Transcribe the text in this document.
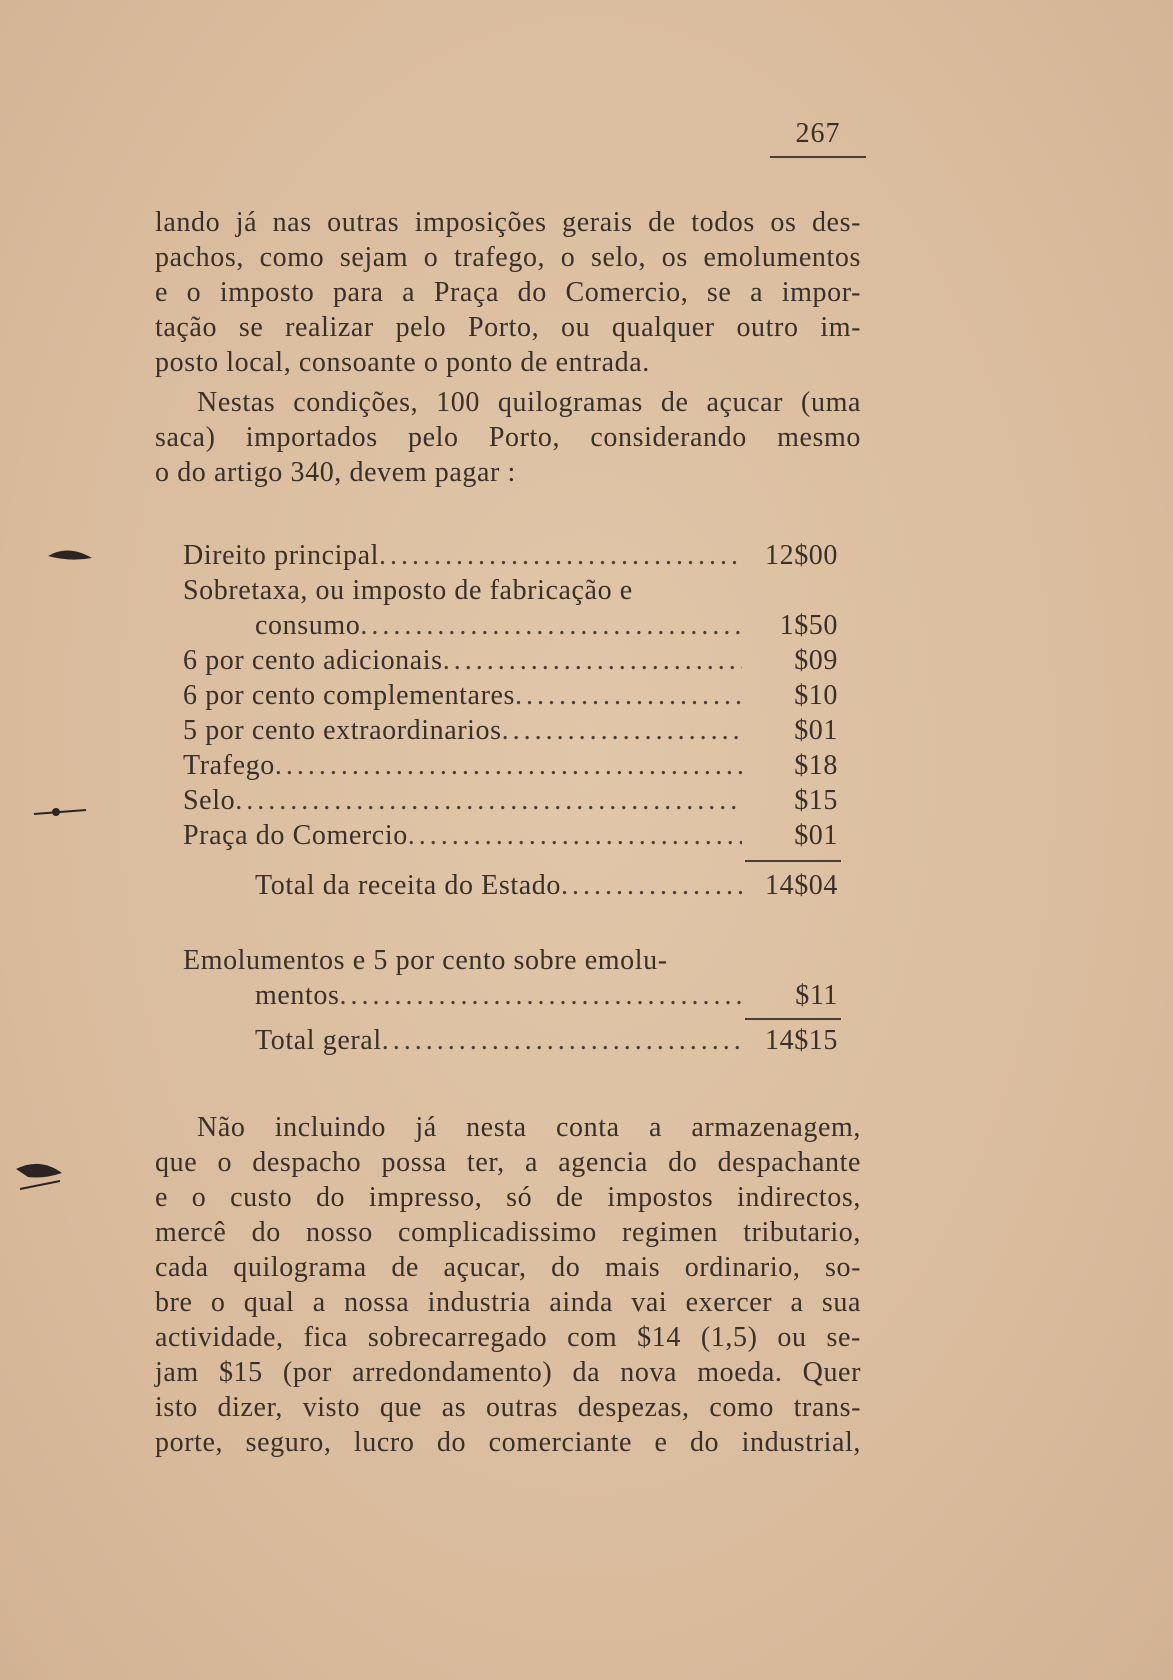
267
lando já nas outras imposições gerais de todos os des-
pachos, como sejam o trafego, o selo, os emolumentos
e o imposto para a Praça do Comercio, se a impor-
tação se realizar pelo Porto, ou qualquer outro im-
posto local, consoante o ponto de entrada.
Nestas condições, 100 quilogramas de açucar (uma
saca) importados pelo Porto, considerando mesmo
o do artigo 340, devem pagar :
Direito principal .....	12$00
Sobretaxa, ou imposto de fabricação e
consumo .....	1$50
6 por cento adicionais .....	$09
6 por cento complementares .....	$10
5 por cento extraordinarios .....	$01
Trafego .....	$18
Selo .....	$15
Praça do Comercio .....	$01
Total da receita do Estado .....	14$04
Emolumentos e 5 por cento sobre emolu-
mentos .....	$11
Total geral .....	14$15
Não incluindo já nesta conta a armazenagem,
que o despacho possa ter, a agencia do despachante
e o custo do impresso, só de impostos indirectos,
mercê do nosso complicadissimo regimen tributario,
cada quilograma de açucar, do mais ordinario, so-
bre o qual a nossa industria ainda vai exercer a sua
actividade, fica sobrecarregado com $14 (1,5) ou se-
jam $15 (por arredondamento) da nova moeda. Quer
isto dizer, visto que as outras despezas, como trans-
porte, seguro, lucro do comerciante e do industrial,
